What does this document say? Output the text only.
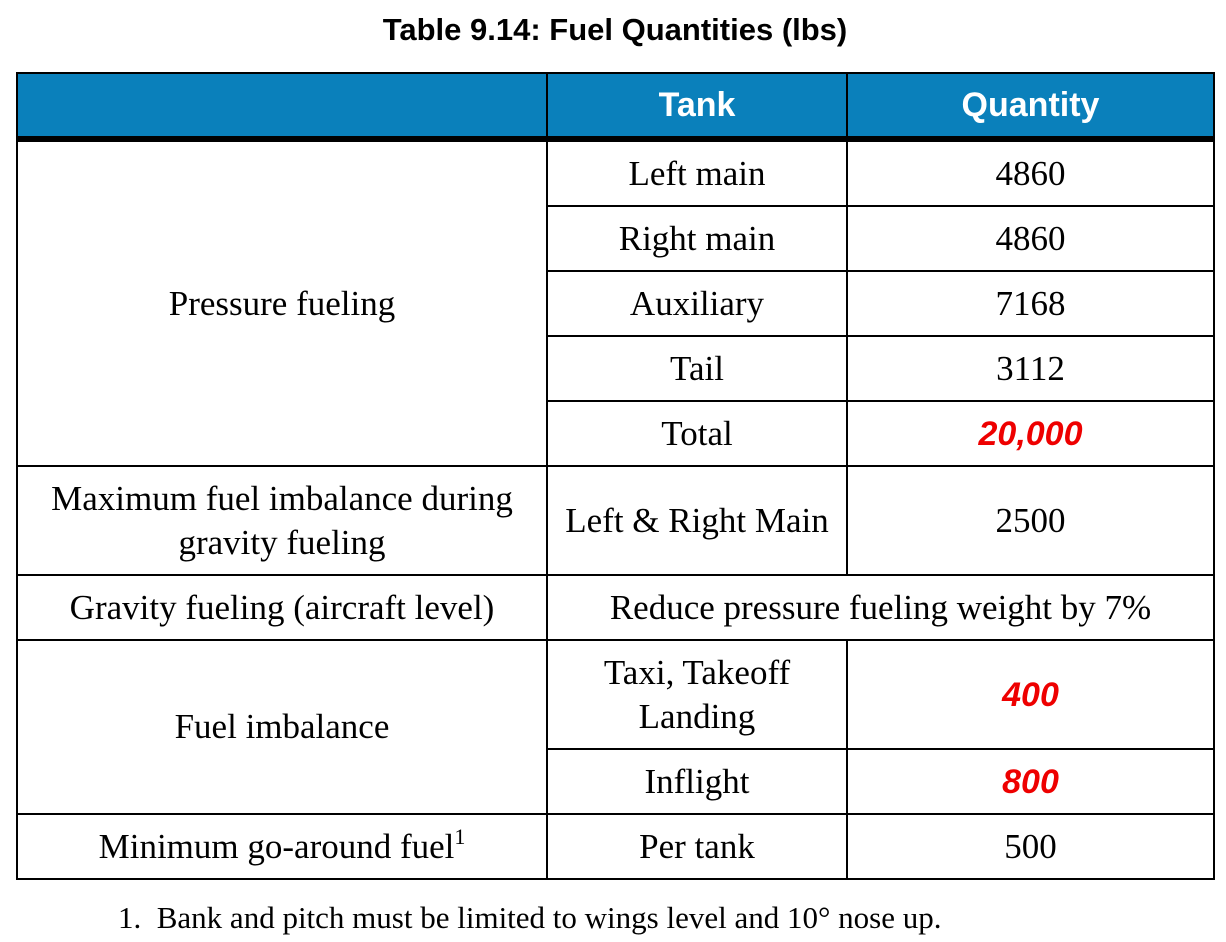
Table 9.14: Fuel Quantities (lbs)
	Tank	Quantity
Pressure fueling	Left main	4860
	Right main	4860
	Auxiliary	7168
	Tail	3112
	Total	20,000
Maximum fuel imbalance during gravity fueling	Left & Right Main	2500
Gravity fueling (aircraft level)	Reduce pressure fueling weight by 7%	
Fuel imbalance	Taxi, Takeoff Landing	400
	Inflight	800
Minimum go-around fuel$^1$	Per tank	500
1. Bank and pitch must be limited to wings level and 10° nose up.
